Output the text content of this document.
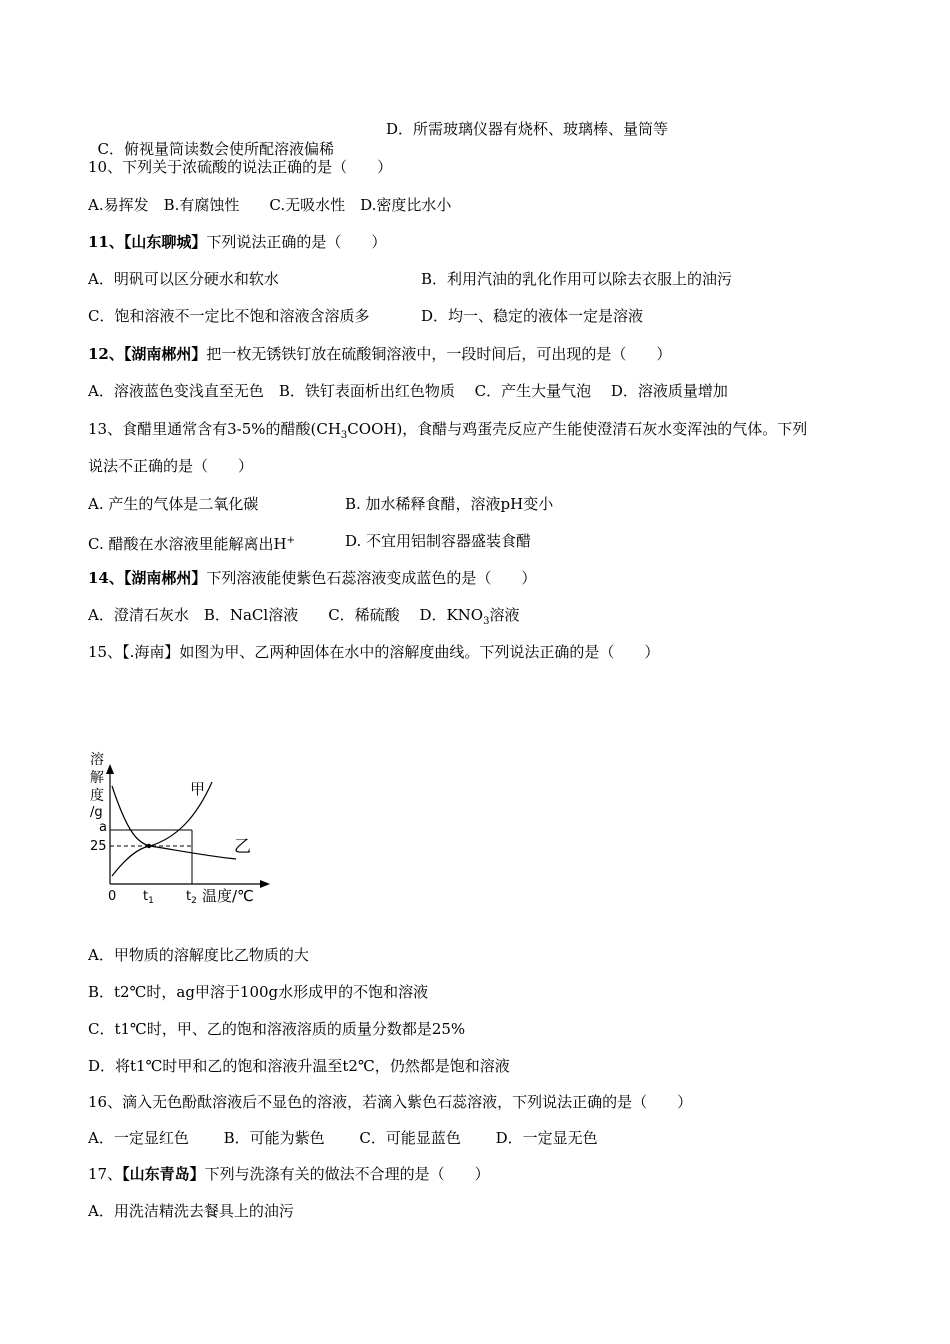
C．俯视量筒读数会使所配溶液偏稀

D．所需玻璃仪器有烧杯、玻璃棒、量筒等
10、下列关于浓硫酸的说法正确的是（　　）
A.易挥发　B.有腐蚀性　　C.无吸水性　D.密度比水小
11、【山东聊城】下列说法正确的是（　　）
A．明矾可以区分硬水和软水	B．利用汽油的乳化作用可以除去衣服上的油污
C．饱和溶液不一定比不饱和溶液含溶质多	D．均一、稳定的液体一定是溶液
12、【湖南郴州】把一枚无锈铁钉放在硫酸铜溶液中，一段时间后，可出现的是（　　）
A．溶液蓝色变浅直至无色　B．铁钉表面析出红色物质　 C．产生大量气泡　 D．溶液质量增加
13、食醋里通常含有3-5%的醋酸$(CH_3COOH)$，食醋与鸡蛋壳反应产生能使澄清石灰水变浑浊的气体。下列
说法不正确的是（　　）
A. 产生的气体是二氧化碳	B. 加水稀释食醋，溶液pH变小
C. 醋酸在水溶液里能解离出H+	D. 不宜用铝制容器盛装食醋
14、【湖南郴州】下列溶液能使紫色石蕊溶液变成蓝色的是（　　）
A．澄清石灰水　B．NaCl溶液　　C．稀硫酸　 D．$KNO_3$溶液
15、【.海南】如图为甲、乙两种固体在水中的溶解度曲线。下列说法正确的是（　　）
溶
解
度
/g
a
25
甲
乙
0 $t_1$ $t_2$ 温度/℃
A．甲物质的溶解度比乙物质的大
B．t2℃时，ag甲溶于100g水形成甲的不饱和溶液
C．t1℃时，甲、乙的饱和溶液溶质的质量分数都是25%
D．将t1℃时甲和乙的饱和溶液升温至t2℃，仍然都是饱和溶液
16、滴入无色酚酞溶液后不显色的溶液，若滴入紫色石蕊溶液，下列说法正确的是（　　）
A．一定显红色　　 B．可能为紫色　　 C．可能显蓝色　　 D．一定显无色
17、【山东青岛】下列与洗涤有关的做法不合理的是（　　）
A．用洗洁精洗去餐具上的油污
